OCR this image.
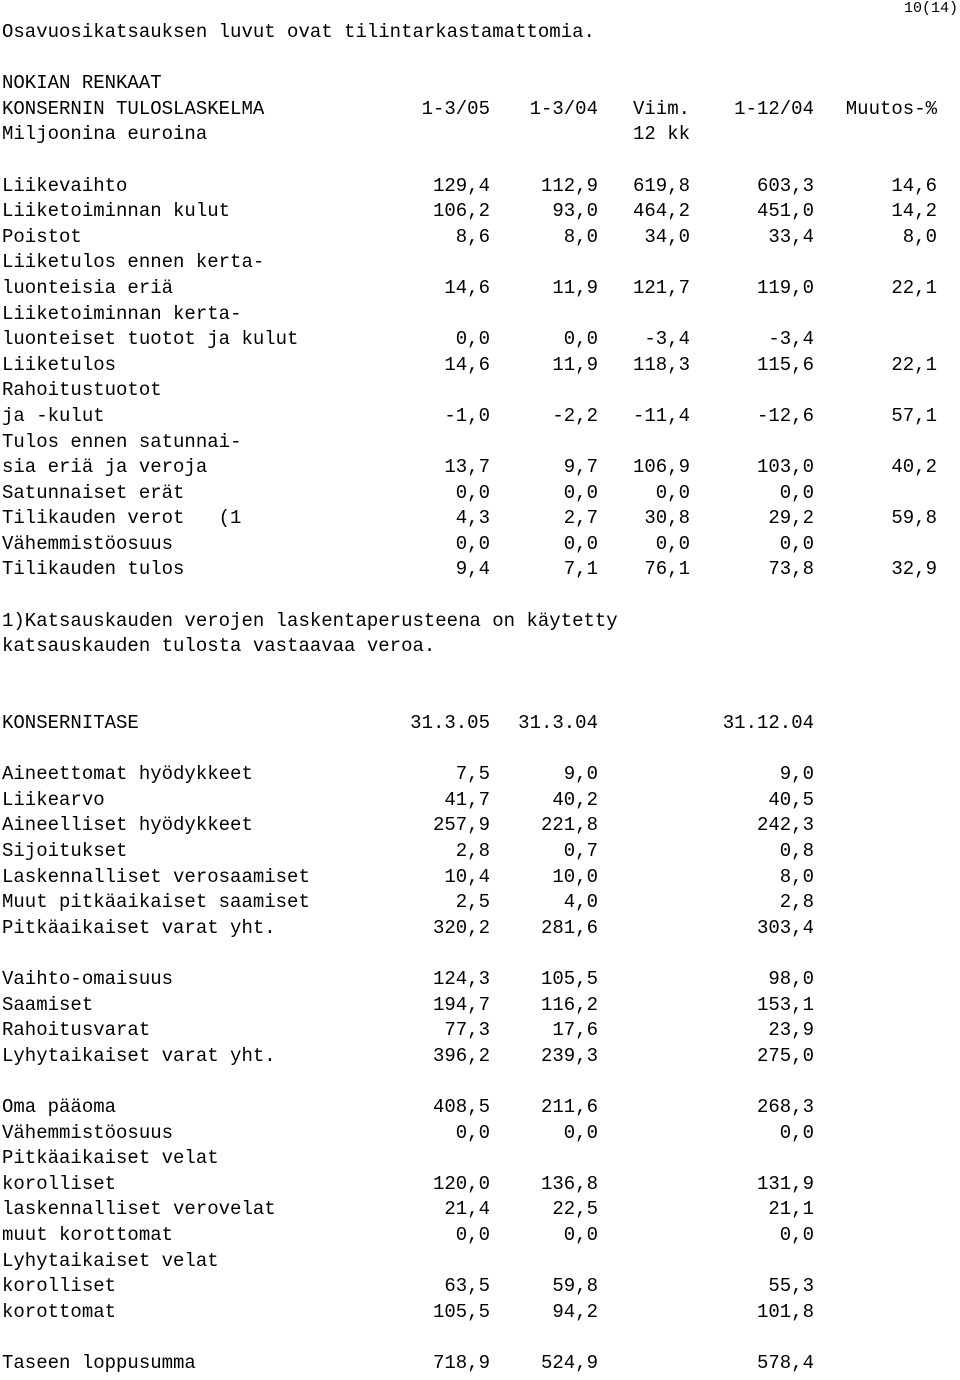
10(14)
Osavuosikatsauksen luvut ovat tilintarkastamattomia.
NOKIAN RENKAAT
KONSERNIN TULOSLASKELMA	1-3/05	1-3/04	Viim.	1-12/04	Muutos-%
Miljoonina euroina	12 kk
Liikevaihto	129,4	112,9	619,8	603,3	14,6
Liiketoiminnan kulut	106,2	93,0	464,2	451,0	14,2
Poistot	8,6	8,0	34,0	33,4	8,0
Liiketulos ennen kerta-
luonteisia eriä	14,6	11,9	121,7	119,0	22,1
Liiketoiminnan kerta-
luonteiset tuotot ja kulut	0,0	0,0	-3,4	-3,4
Liiketulos	14,6	11,9	118,3	115,6	22,1
Rahoitustuotot
ja -kulut	-1,0	-2,2	-11,4	-12,6	57,1
Tulos ennen satunnai-
sia eriä ja veroja	13,7	9,7	106,9	103,0	40,2
Satunnaiset erät	0,0	0,0	0,0	0,0
Tilikauden verot   (1	4,3	2,7	30,8	29,2	59,8
Vähemmistöosuus	0,0	0,0	0,0	0,0
Tilikauden tulos	9,4	7,1	76,1	73,8	32,9
1)Katsauskauden verojen laskentaperusteena on käytetty
katsauskauden tulosta vastaavaa veroa.
KONSERNITASE	31.3.05	31.3.04	31.12.04
Aineettomat hyödykkeet	7,5	9,0	9,0
Liikearvo	41,7	40,2	40,5
Aineelliset hyödykkeet	257,9	221,8	242,3
Sijoitukset	2,8	0,7	0,8
Laskennalliset verosaamiset	10,4	10,0	8,0
Muut pitkäaikaiset saamiset	2,5	4,0	2,8
Pitkäaikaiset varat yht.	320,2	281,6	303,4
Vaihto-omaisuus	124,3	105,5	98,0
Saamiset	194,7	116,2	153,1
Rahoitusvarat	77,3	17,6	23,9
Lyhytaikaiset varat yht.	396,2	239,3	275,0
Oma pääoma	408,5	211,6	268,3
Vähemmistöosuus	0,0	0,0	0,0
Pitkäaikaiset velat
korolliset	120,0	136,8	131,9
laskennalliset verovelat	21,4	22,5	21,1
muut korottomat	0,0	0,0	0,0
Lyhytaikaiset velat
korolliset	63,5	59,8	55,3
korottomat	105,5	94,2	101,8
Taseen loppusumma	718,9	524,9	578,4
